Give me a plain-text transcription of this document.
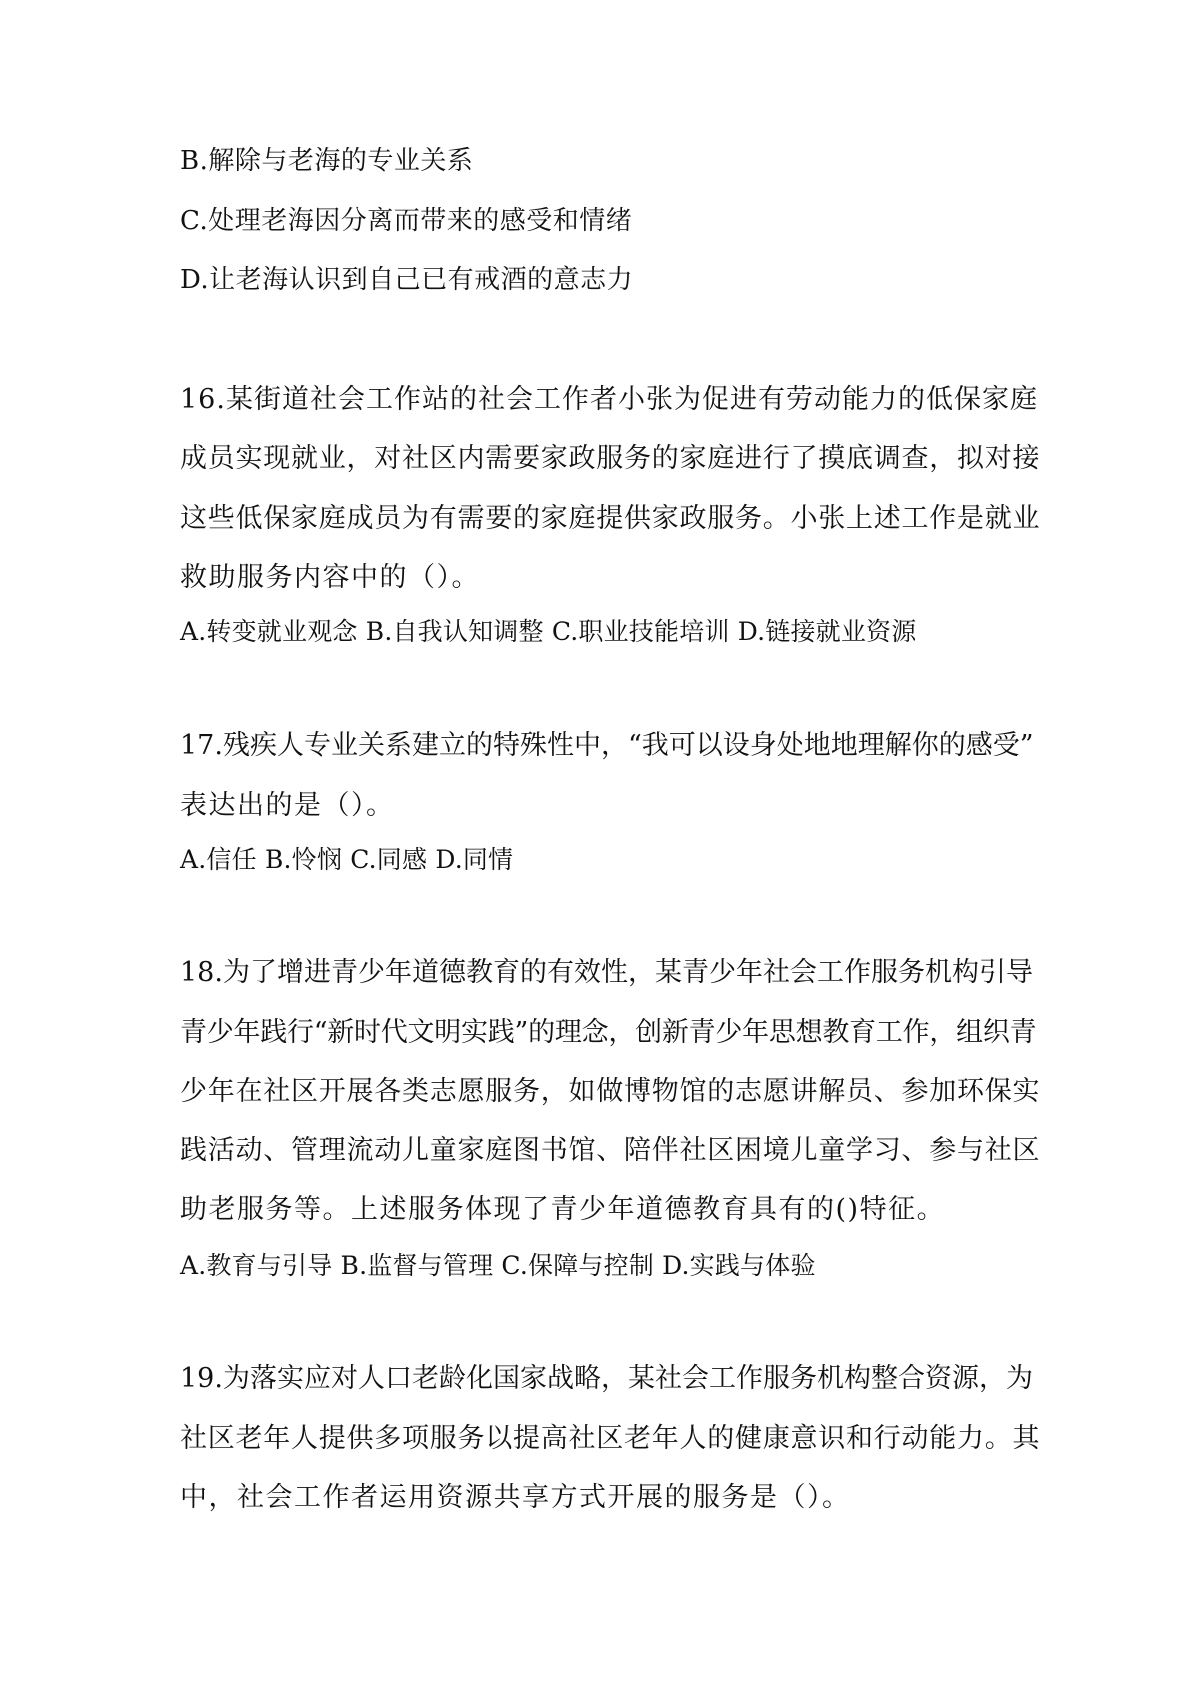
B.解除与老海的专业关系
C.处理老海因分离而带来的感受和情绪
D.让老海认识到自己已有戒酒的意志力
16.某街道社会工作站的社会工作者小张为促进有劳动能力的低保家庭
成员实现就业，对社区内需要家政服务的家庭进行了摸底调查，拟对接
这些低保家庭成员为有需要的家庭提供家政服务。小张上述工作是就业
救助服务内容中的（）。
A.转变就业观念 B.自我认知调整 C.职业技能培训 D.链接就业资源
17.残疾人专业关系建立的特殊性中，“我可以设身处地地理解你的感受”
表达出的是（）。
A.信任 B.怜悯 C.同感 D.同情
18.为了增进青少年道德教育的有效性，某青少年社会工作服务机构引导
青少年践行“新时代文明实践”的理念，创新青少年思想教育工作，组织青
少年在社区开展各类志愿服务，如做博物馆的志愿讲解员、参加环保实
践活动、管理流动儿童家庭图书馆、陪伴社区困境儿童学习、参与社区
助老服务等。上述服务体现了青少年道德教育具有的()特征。
A.教育与引导 B.监督与管理 C.保障与控制 D.实践与体验
19.为落实应对人口老龄化国家战略，某社会工作服务机构整合资源，为
社区老年人提供多项服务以提高社区老年人的健康意识和行动能力。其
中，社会工作者运用资源共享方式开展的服务是（）。
